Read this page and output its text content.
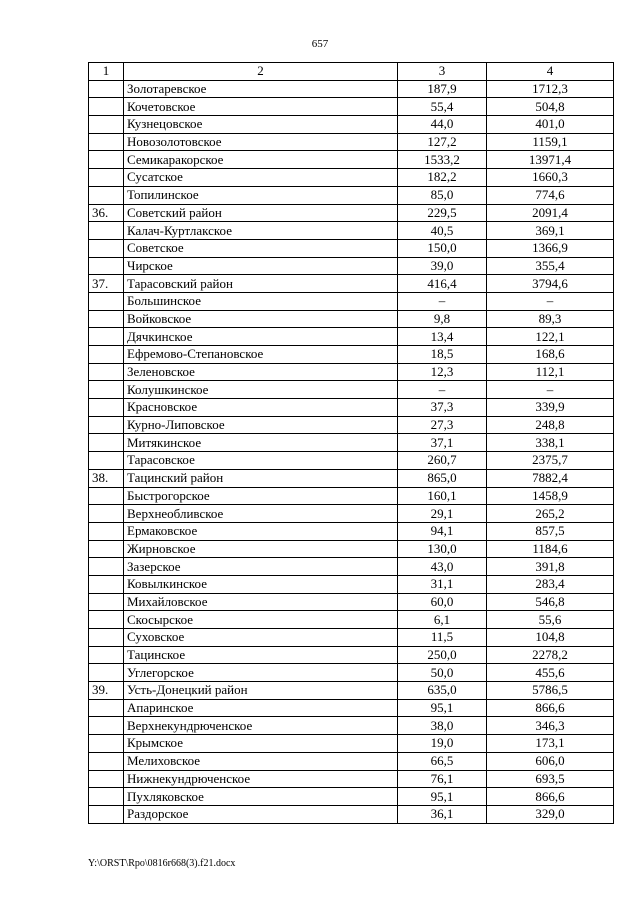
657
1	2	3	4
	Золотаревское	187,9	1712,3
	Кочетовское	55,4	504,8
	Кузнецовское	44,0	401,0
	Новозолотовское	127,2	1159,1
	Семикаракорское	1533,2	13971,4
	Сусатское	182,2	1660,3
	Топилинское	85,0	774,6
36.	Советский район	229,5	2091,4
	Калач-Куртлакское	40,5	369,1
	Советское	150,0	1366,9
	Чирское	39,0	355,4
37.	Тарасовский район	416,4	3794,6
	Большинское	–	–
	Войковское	9,8	89,3
	Дячкинское	13,4	122,1
	Ефремово-Степановское	18,5	168,6
	Зеленовское	12,3	112,1
	Колушкинское	–	–
	Красновское	37,3	339,9
	Курно-Липовское	27,3	248,8
	Митякинское	37,1	338,1
	Тарасовское	260,7	2375,7
38.	Тацинский район	865,0	7882,4
	Быстрогорское	160,1	1458,9
	Верхнеобливское	29,1	265,2
	Ермаковское	94,1	857,5
	Жирновское	130,0	1184,6
	Зазерское	43,0	391,8
	Ковылкинское	31,1	283,4
	Михайловское	60,0	546,8
	Скосырское	6,1	55,6
	Суховское	11,5	104,8
	Тацинское	250,0	2278,2
	Углегорское	50,0	455,6
39.	Усть-Донецкий район	635,0	5786,5
	Апаринское	95,1	866,6
	Верхнекундрюченское	38,0	346,3
	Крымское	19,0	173,1
	Мелиховское	66,5	606,0
	Нижнекундрюченское	76,1	693,5
	Пухляковское	95,1	866,6
	Раздорское	36,1	329,0
Y:\ORST\Rpo\0816r668(3).f21.docx
